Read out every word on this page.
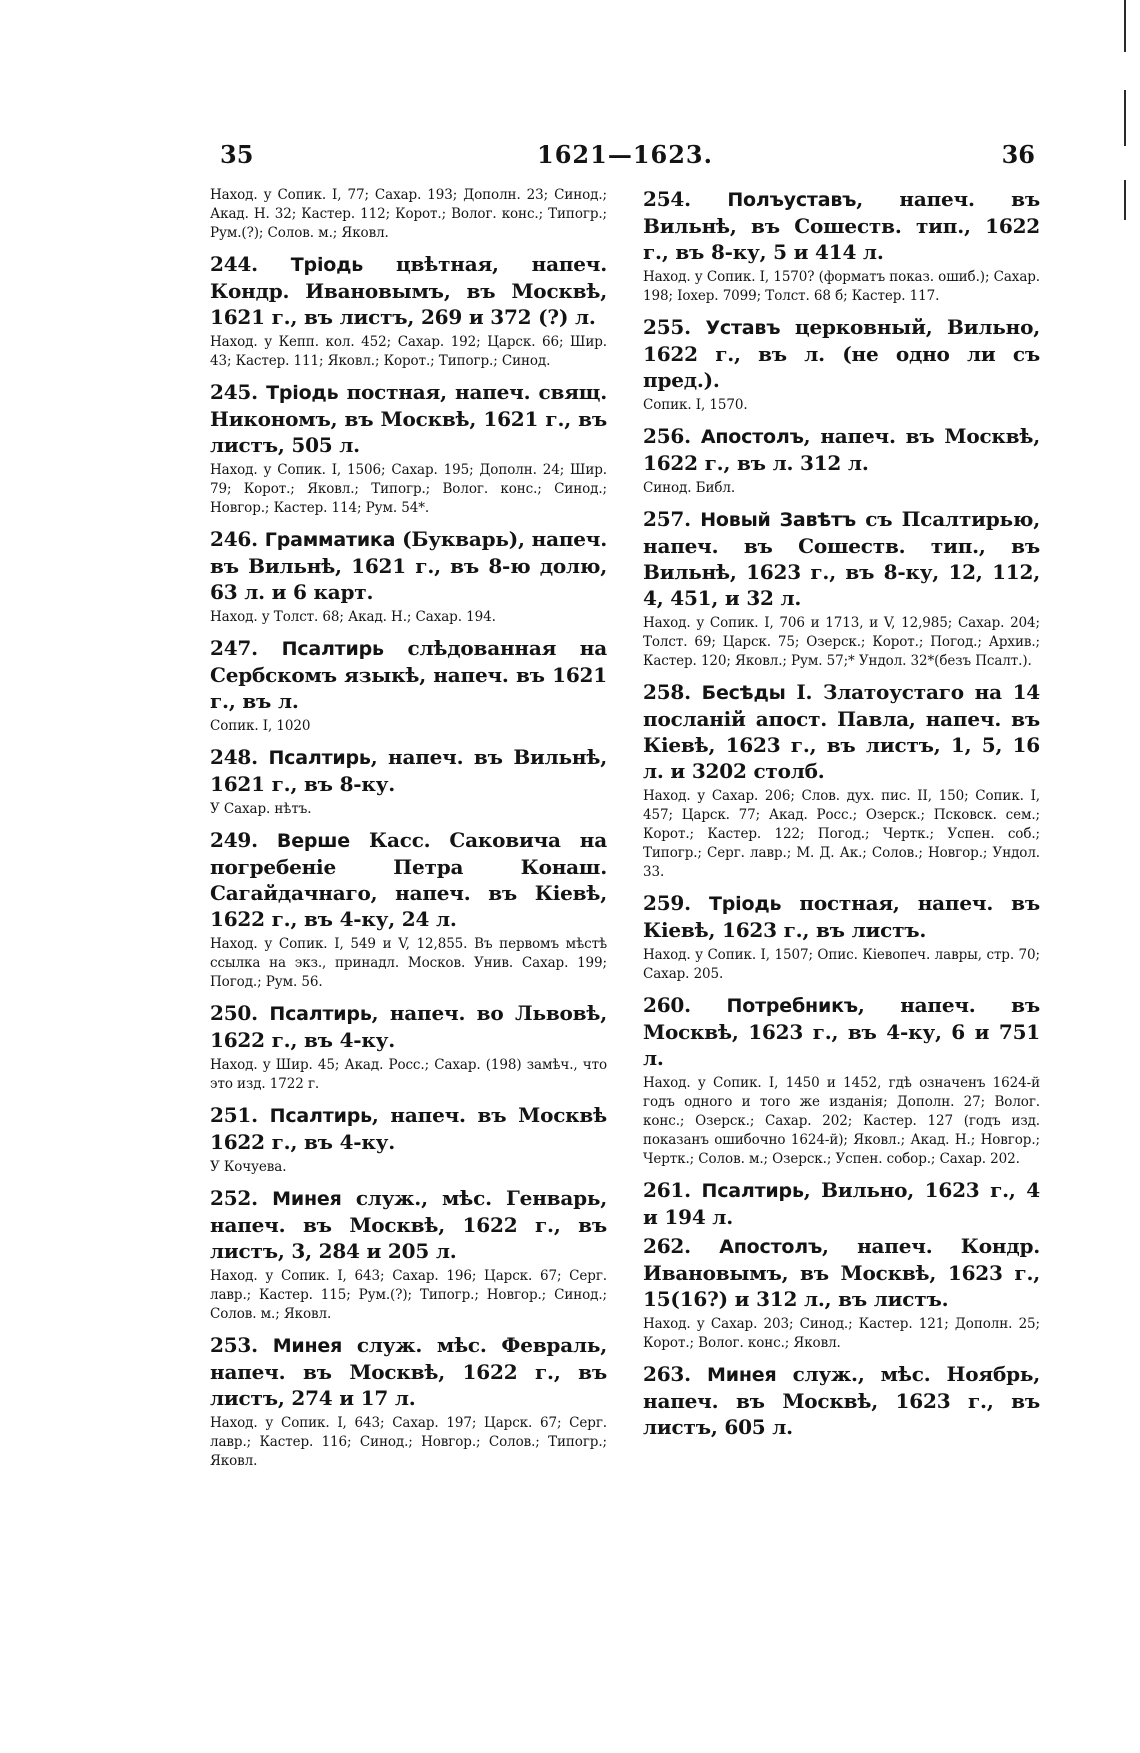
35	1621—1623.	36

Наход. у Сопик. I, 77; Сахар. 193; Дополн. 23; Синод.; Акад. Н. 32; Кастер. 112; Корот.; Волог. конс.; Типогр.; Рум.(?); Солов. м.; Яковл.

244. Тріодь цвѣтная, напеч. Кондр. Ивановымъ, въ Москвѣ, 1621 г., въ листъ, 269 и 372 (?) л.

Наход. у Кепп. кол. 452; Сахар. 192; Царск. 66; Шир. 43; Кастер. 111; Яковл.; Корот.; Типогр.; Синод.

245. Тріодь постная, напеч. свящ. Никономъ, въ Москвѣ, 1621 г., въ листъ, 505 л.

Наход. у Сопик. I, 1506; Сахар. 195; Дополн. 24; Шир. 79; Корот.; Яковл.; Типогр.; Волог. конс.; Синод.; Новгор.; Кастер. 114; Рум. 54*.

246. Грамматика (Букварь), напеч. въ Вильнѣ, 1621 г., въ 8-ю долю, 63 л. и 6 карт.

Наход. у Толст. 68; Акад. Н.; Сахар. 194.

247. Псалтирь слѣдованная на Сербскомъ языкѣ, напеч. въ 1621 г., въ л.

Сопик. I, 1020

248. Псалтирь, напеч. въ Вильнѣ, 1621 г., въ 8-ку.

У Сахар. нѣтъ.

249. Верше Касс. Саковича на погребеніе Петра Конаш. Сагайдачнаго, напеч. въ Кіевѣ, 1622 г., въ 4-ку, 24 л.

Наход. у Сопик. I, 549 и V, 12,855. Въ первомъ мѣстѣ ссылка на экз., принадл. Москов. Унив. Сахар. 199; Погод.; Рум. 56.

250. Псалтирь, напеч. во Львовѣ, 1622 г., въ 4-ку.

Наход. у Шир. 45; Акад. Росс.; Сахар. (198) замѣч., что это изд. 1722 г.

251. Псалтирь, напеч. въ Москвѣ 1622 г., въ 4-ку.

У Кочуева.

252. Минея служ., мѣс. Генварь, напеч. въ Москвѣ, 1622 г., въ листъ, 3, 284 и 205 л.

Наход. у Сопик. I, 643; Сахар. 196; Царск. 67; Серг. лавр.; Кастер. 115; Рум.(?); Типогр.; Новгор.; Синод.; Солов. м.; Яковл.

253. Минея служ. мѣс. Февраль, напеч. въ Москвѣ, 1622 г., въ листъ, 274 и 17 л.

Наход. у Сопик. I, 643; Сахар. 197; Царск. 67; Серг. лавр.; Кастер. 116; Синод.; Новгор.; Солов.; Типогр.; Яковл.

254. Полъуставъ, напеч. въ Вильнѣ, въ Сошеств. тип., 1622 г., въ 8-ку, 5 и 414 л.

Наход. у Сопик. I, 1570? (форматъ показ. ошиб.); Сахар. 198; Іохер. 7099; Толст. 68 б; Кастер. 117.

255. Уставъ церковный, Вильно, 1622 г., въ л. (не одно ли съ пред.).

Сопик. I, 1570.

256. Апостолъ, напеч. въ Москвѣ, 1622 г., въ л. 312 л.

Синод. Библ.

257. Новый Завѣтъ съ Псалтирью, напеч. въ Сошеств. тип., въ Вильнѣ, 1623 г., въ 8-ку, 12, 112, 4, 451, и 32 л.

Наход. у Сопик. I, 706 и 1713, и V, 12,985; Сахар. 204; Толст. 69; Царск. 75; Озерск.; Корот.; Погод.; Архив.; Кастер. 120; Яковл.; Рум. 57;* Ундол. 32*(безъ Псалт.).

258. Бесѣды І. Златоустаго на 14 посланій апост. Павла, напеч. въ Кіевѣ, 1623 г., въ листъ, 1, 5, 16 л. и 3202 столб.

Наход. у Сахар. 206; Слов. дух. пис. II, 150; Сопик. I, 457; Царск. 77; Акад. Росс.; Озерск.; Псковск. сем.; Корот.; Кастер. 122; Погод.; Чертк.; Успен. соб.; Типогр.; Серг. лавр.; М. Д. Ак.; Солов.; Новгор.; Ундол. 33.

259. Тріодь постная, напеч. въ Кіевѣ, 1623 г., въ листъ.

Наход. у Сопик. I, 1507; Опис. Кіевопеч. лавры, стр. 70; Сахар. 205.

260. Потребникъ, напеч. въ Москвѣ, 1623 г., въ 4-ку, 6 и 751 л.

Наход. у Сопик. I, 1450 и 1452, гдѣ означенъ 1624-й годъ одного и того же изданія; Дополн. 27; Волог. конс.; Озерск.; Сахар. 202; Кастер. 127 (годъ изд. показанъ ошибочно 1624-й); Яковл.; Акад. Н.; Новгор.; Чертк.; Солов. м.; Озерск.; Успен. собор.; Сахар. 202.

261. Псалтирь, Вильно, 1623 г., 4 и 194 л.

262. Апостолъ, напеч. Кондр. Ивановымъ, въ Москвѣ, 1623 г., 15(16?) и 312 л., въ листъ.

Наход. у Сахар. 203; Синод.; Кастер. 121; Дополн. 25; Корот.; Волог. конс.; Яковл.

263. Минея служ., мѣс. Ноябрь, напеч. въ Москвѣ, 1623 г., въ листъ, 605 л.
